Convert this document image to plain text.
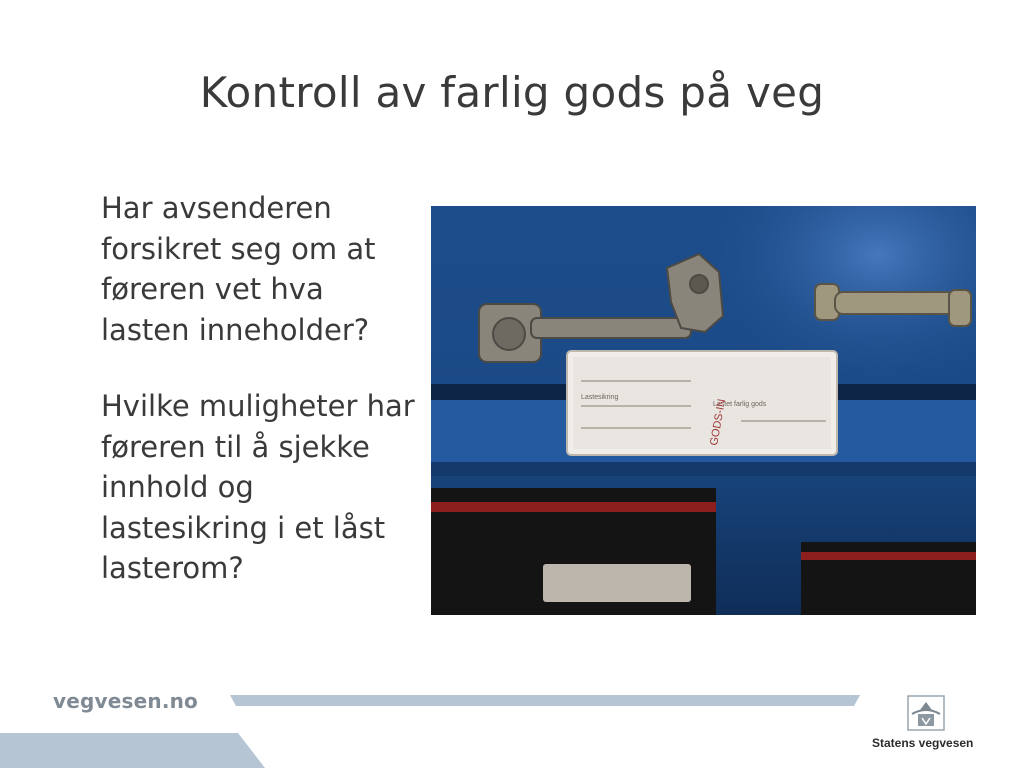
Kontroll av farlig gods på veg

Har avsenderen forsikret seg om at føreren vet hva lasten inneholder?

Hvilke muligheter har føreren til å sjekke innhold og lastesikring i et låst lasterom?

Lastesikring
Lastet farlig gods
GODS-IN
vegvesen.no
Statens vegvesen
